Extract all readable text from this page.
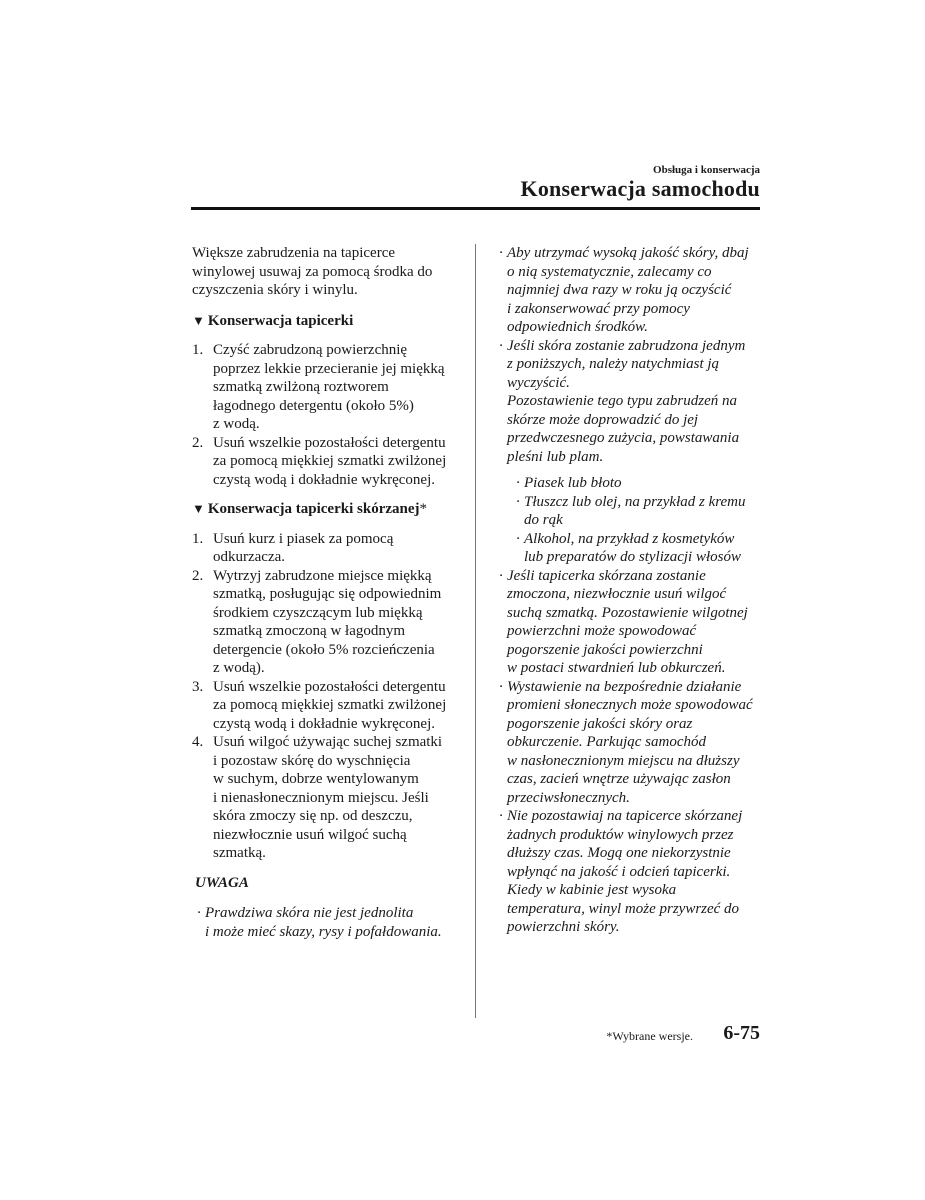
Obsługa i konserwacja
Konserwacja samochodu

Większe zabrudzenia na tapicerce
winylowej usuwaj za pomocą środka do
czyszczenia skóry i winylu.

▼ Konserwacja tapicerki
1. Czyść zabrudzoną powierzchnię
poprzez lekkie przecieranie jej miękką
szmatką zwilżoną roztworem
łagodnego detergentu (około 5%)
z wodą.
2. Usuń wszelkie pozostałości detergentu
za pomocą miękkiej szmatki zwilżonej
czystą wodą i dokładnie wykręconej.
▼ Konserwacja tapicerki skórzanej*
1. Usuń kurz i piasek za pomocą
odkurzacza.
2. Wytrzyj zabrudzone miejsce miękką
szmatką, posługując się odpowiednim
środkiem czyszczącym lub miękką
szmatką zmoczoną w łagodnym
detergencie (około 5% rozcieńczenia
z wodą).
3. Usuń wszelkie pozostałości detergentu
za pomocą miękkiej szmatki zwilżonej
czystą wodą i dokładnie wykręconej.
4. Usuń wilgoć używając suchej szmatki
i pozostaw skórę do wyschnięcia
w suchym, dobrze wentylowanym
i nienasłonecznionym miejscu. Jeśli
skóra zmoczy się np. od deszczu,
niezwłocznie usuń wilgoć suchą
szmatką.
UWAGA
· Prawdziwa skóra nie jest jednolita
i może mieć skazy, rysy i pofałdowania.
· Aby utrzymać wysoką jakość skóry, dbaj
o nią systematycznie, zalecamy co
najmniej dwa razy w roku ją oczyścić
i zakonserwować przy pomocy
odpowiednich środków.
· Jeśli skóra zostanie zabrudzona jednym
z poniższych, należy natychmiast ją
wyczyścić.
Pozostawienie tego typu zabrudzeń na
skórze może doprowadzić do jej
przedwczesnego zużycia, powstawania
pleśni lub plam.
· Piasek lub błoto
· Tłuszcz lub olej, na przykład z kremu
do rąk
· Alkohol, na przykład z kosmetyków
lub preparatów do stylizacji włosów
· Jeśli tapicerka skórzana zostanie
zmoczona, niezwłocznie usuń wilgoć
suchą szmatką. Pozostawienie wilgotnej
powierzchni może spowodować
pogorszenie jakości powierzchni
w postaci stwardnień lub obkurczeń.
· Wystawienie na bezpośrednie działanie
promieni słonecznych może spowodować
pogorszenie jakości skóry oraz
obkurczenie. Parkując samochód
w nasłonecznionym miejscu na dłuższy
czas, zacień wnętrze używając zasłon
przeciwsłonecznych.
· Nie pozostawiaj na tapicerce skórzanej
żadnych produktów winylowych przez
dłuższy czas. Mogą one niekorzystnie
wpłynąć na jakość i odcień tapicerki.
Kiedy w kabinie jest wysoka
temperatura, winyl może przywrzeć do
powierzchni skóry.
*Wybrane wersje. 6-75
